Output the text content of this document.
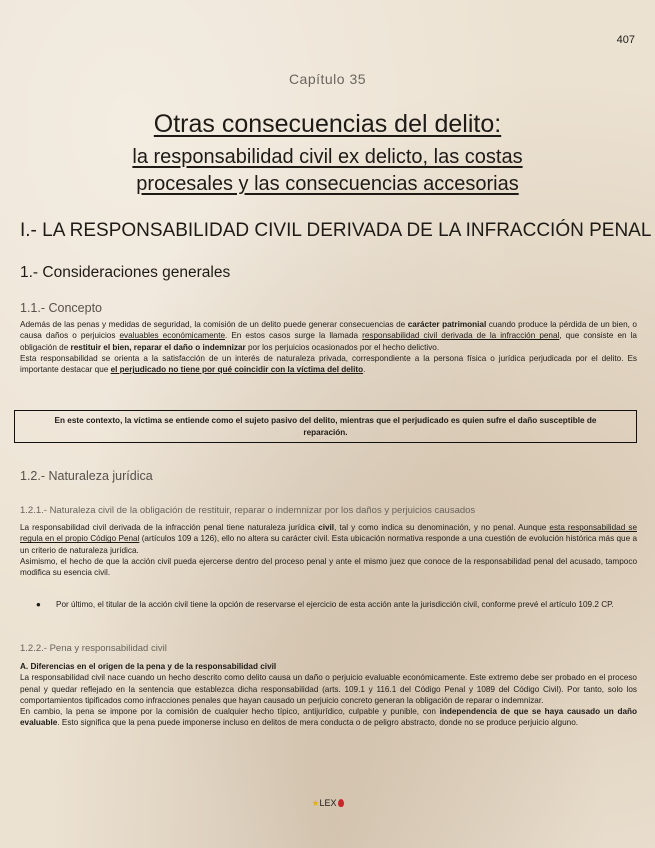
407
Capítulo 35
Otras consecuencias del delito:
la responsabilidad civil ex delicto, las costas
procesales y las consecuencias accesorias
I.- LA RESPONSABILIDAD CIVIL DERIVADA DE LA INFRACCIÓN PENAL
1.- Consideraciones generales
1.1.- Concepto

Además de las penas y medidas de seguridad, la comisión de un delito puede generar consecuencias de carácter patrimonial cuando produce la pérdida de un bien, o causa daños o perjuicios evaluables económicamente. En estos casos surge la llamada responsabilidad civil derivada de la infracción penal, que consiste en la obligación de restituir el bien, reparar el daño o indemnizar por los perjuicios ocasionados por el hecho delictivo.

Esta responsabilidad se orienta a la satisfacción de un interés de naturaleza privada, correspondiente a la persona física o jurídica perjudicada por el delito. Es importante destacar que el perjudicado no tiene por qué coincidir con la víctima del delito.

En este contexto, la víctima se entiende como el sujeto pasivo del delito, mientras que el perjudicado es quien sufre el daño susceptible de reparación.
1.2.- Naturaleza jurídica
1.2.1.- Naturaleza civil de la obligación de restituir, reparar o indemnizar por los daños y perjuicios causados

La responsabilidad civil derivada de la infracción penal tiene naturaleza jurídica civil, tal y como indica su denominación, y no penal. Aunque esta responsabilidad se regula en el propio Código Penal (artículos 109 a 126), ello no altera su carácter civil. Esta ubicación normativa responde a una cuestión de evolución histórica más que a un criterio de naturaleza jurídica.

Asimismo, el hecho de que la acción civil pueda ejercerse dentro del proceso penal y ante el mismo juez que conoce de la responsabilidad penal del acusado, tampoco modifica su esencia civil.

● Por último, el titular de la acción civil tiene la opción de reservarse el ejercicio de esta acción ante la jurisdicción civil, conforme prevé el artículo 109.2 CP.
1.2.2.- Pena y responsabilidad civil

A. Diferencias en el origen de la pena y de la responsabilidad civil

La responsabilidad civil nace cuando un hecho descrito como delito causa un daño o perjuicio evaluable económicamente. Este extremo debe ser probado en el proceso penal y quedar reflejado en la sentencia que establezca dicha responsabilidad (arts. 109.1 y 116.1 del Código Penal y 1089 del Código Civil). Por tanto, solo los comportamientos tipificados como infracciones penales que hayan causado un perjuicio concreto generan la obligación de reparar o indemnizar.

En cambio, la pena se impone por la comisión de cualquier hecho típico, antijurídico, culpable y punible, con independencia de que se haya causado un daño evaluable. Esto significa que la pena puede imponerse incluso en delitos de mera conducta o de peligro abstracto, donde no se produce perjuicio alguno.

★LEX
